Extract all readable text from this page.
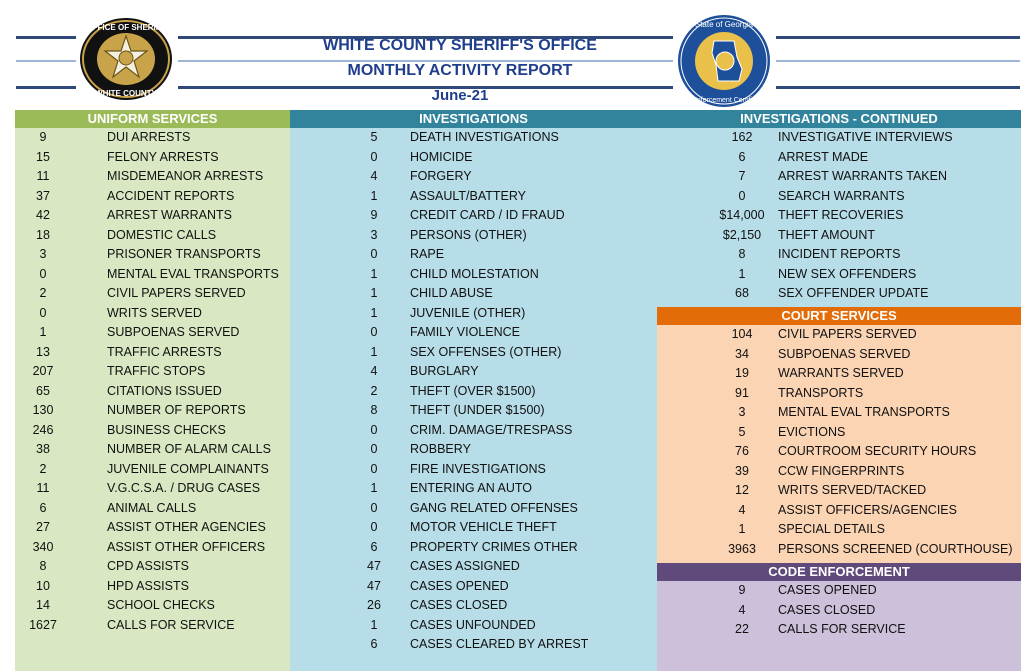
OFFICE OF SHERIFF
WHITE COUNTY
State of Georgia
Law Enforcement Certification
WHITE COUNTY SHERIFF'S OFFICE
MONTHLY ACTIVITY REPORT
June-21
UNIFORM SERVICES
9	DUI ARRESTS
15	FELONY ARRESTS
11	MISDEMEANOR ARRESTS
37	ACCIDENT REPORTS
42	ARREST WARRANTS
18	DOMESTIC CALLS
3	PRISONER TRANSPORTS
0	MENTAL EVAL TRANSPORTS
2	CIVIL PAPERS SERVED
0	WRITS SERVED
1	SUBPOENAS SERVED
13	TRAFFIC ARRESTS
207	TRAFFIC STOPS
65	CITATIONS ISSUED
130	NUMBER OF REPORTS
246	BUSINESS CHECKS
38	NUMBER OF ALARM CALLS
2	JUVENILE COMPLAINANTS
11	V.G.C.S.A. / DRUG CASES
6	ANIMAL CALLS
27	ASSIST OTHER AGENCIES
340	ASSIST OTHER OFFICERS
8	CPD ASSISTS
10	HPD ASSISTS
14	SCHOOL CHECKS
1627	CALLS FOR SERVICE
INVESTIGATIONS
5	DEATH INVESTIGATIONS
0	HOMICIDE
4	FORGERY
1	ASSAULT/BATTERY
9	CREDIT CARD / ID FRAUD
3	PERSONS (OTHER)
0	RAPE
1	CHILD MOLESTATION
1	CHILD ABUSE
1	JUVENILE (OTHER)
0	FAMILY VIOLENCE
1	SEX OFFENSES (OTHER)
4	BURGLARY
2	THEFT (OVER $1500)
8	THEFT (UNDER $1500)
0	CRIM. DAMAGE/TRESPASS
0	ROBBERY
0	FIRE INVESTIGATIONS
1	ENTERING AN AUTO
0	GANG RELATED OFFENSES
0	MOTOR VEHICLE THEFT
6	PROPERTY CRIMES OTHER
47	CASES ASSIGNED
47	CASES OPENED
26	CASES CLOSED
1	CASES UNFOUNDED
6	CASES CLEARED BY ARREST
INVESTIGATIONS - CONTINUED
162	INVESTIGATIVE INTERVIEWS
6	ARREST MADE
7	ARREST WARRANTS TAKEN
0	SEARCH WARRANTS
$14,000	THEFT RECOVERIES
$2,150	THEFT AMOUNT
8	INCIDENT REPORTS
1	NEW SEX OFFENDERS
68	SEX OFFENDER UPDATE
COURT SERVICES
104	CIVIL PAPERS SERVED
34	SUBPOENAS SERVED
19	WARRANTS SERVED
91	TRANSPORTS
3	MENTAL EVAL TRANSPORTS
5	EVICTIONS
76	COURTROOM SECURITY HOURS
39	CCW FINGERPRINTS
12	WRITS SERVED/TACKED
4	ASSIST OFFICERS/AGENCIES
1	SPECIAL DETAILS
3963	PERSONS SCREENED (COURTHOUSE)
CODE ENFORCEMENT
9	CASES OPENED
4	CASES CLOSED
22	CALLS FOR SERVICE
